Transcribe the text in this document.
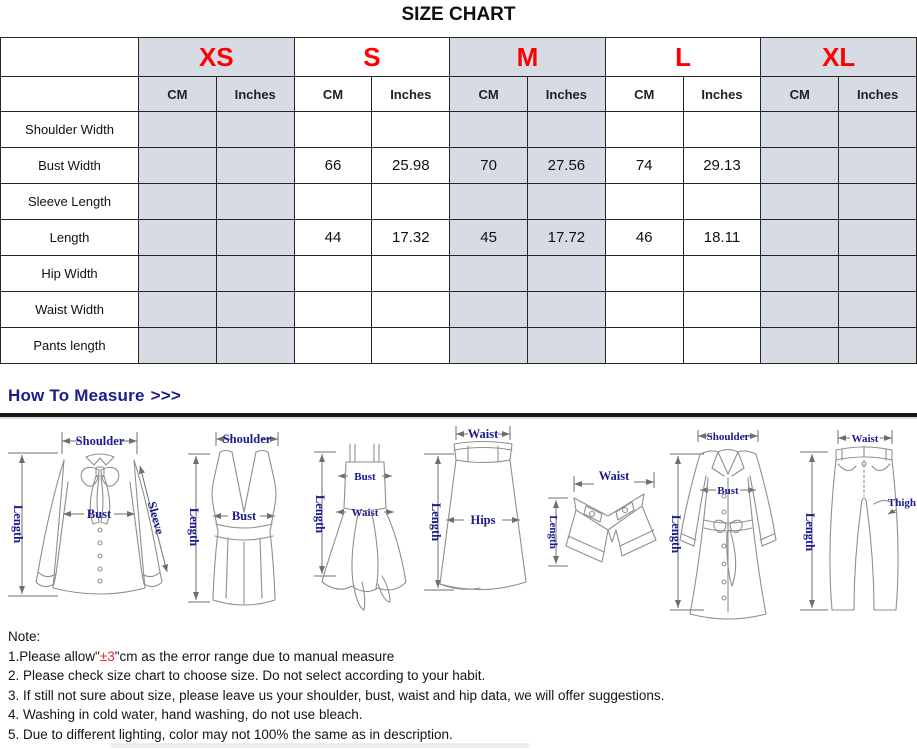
SIZE CHART
	XS		S		M		L		XL	
	CM	Inches	CM	Inches	CM	Inches	CM	Inches	CM	Inches
Shoulder Width										
Bust Width			66	25.98	70	27.56	74	29.13		
Sleeve Length										
Length			44	17.32	45	17.72	46	18.11		
Hip Width										
Waist Width										
Pants length										
How To Measure >>>
Shoulder
Length	Bust	Sleeve
Shoulder
Length Bust	Length
Bust
Waist
Waist
Length Hips
Waist
Length
Shoulder
Length
Bust
Waist
Length
Thigh
Note:
1.Please allow"±3"cm as the error range due to manual measure
2. Please check size chart to choose size. Do not select according to your habit.
3. If still not sure about size, please leave us your shoulder, bust, waist and hip data, we will offer suggestions.
4. Washing in cold water, hand washing, do not use bleach.
5. Due to different lighting, color may not 100% the same as in description.
